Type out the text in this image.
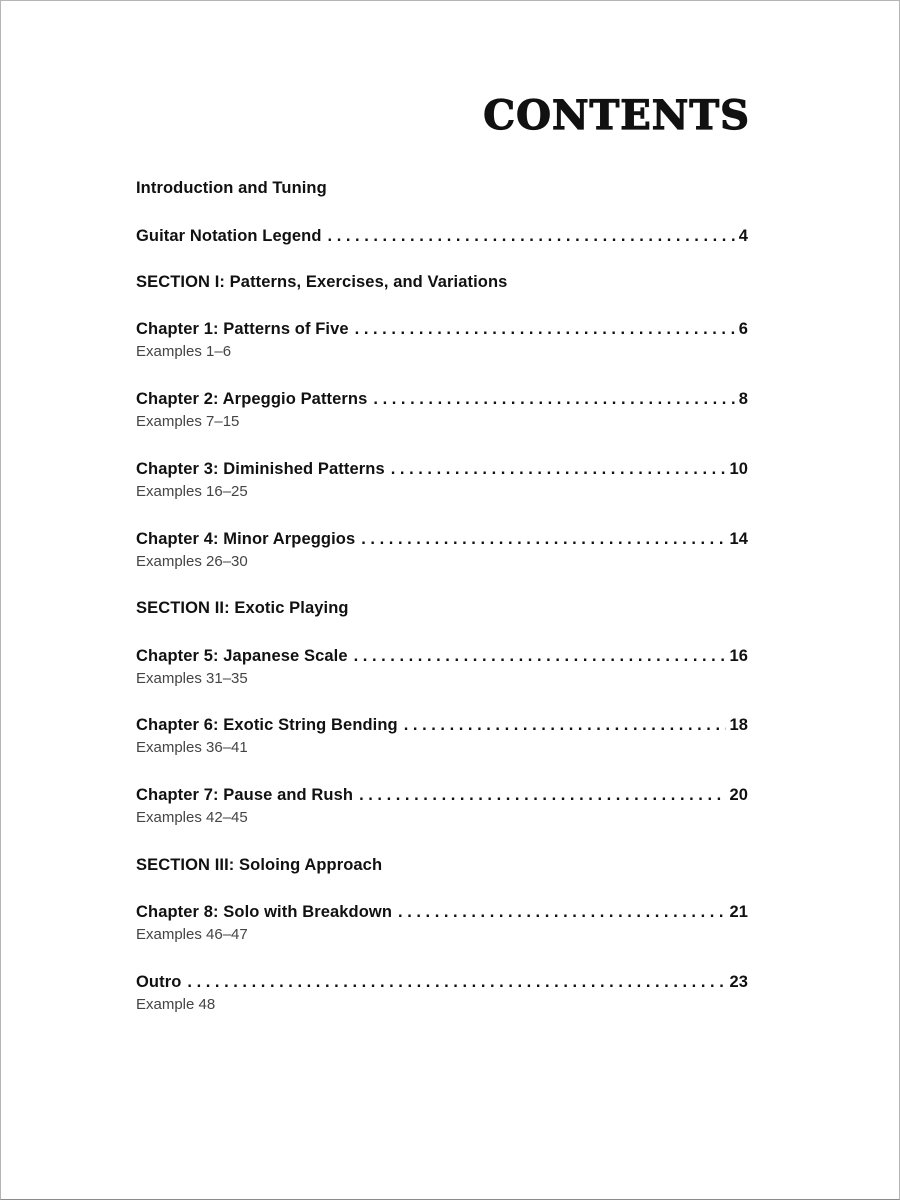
CONTENTS
Introduction and Tuning
Guitar Notation Legend . . .	4
SECTION I: Patterns, Exercises, and Variations
Chapter 1: Patterns of Five . . .	6
Examples 1–6
Chapter 2: Arpeggio Patterns . . .	8
Examples 7–15
Chapter 3: Diminished Patterns . . .	10
Examples 16–25
Chapter 4: Minor Arpeggios . . .	14
Examples 26–30
SECTION II: Exotic Playing
Chapter 5: Japanese Scale . . .	16
Examples 31–35
Chapter 6: Exotic String Bending . . .	18
Examples 36–41
Chapter 7: Pause and Rush . . .	20
Examples 42–45
SECTION III: Soloing Approach
Chapter 8: Solo with Breakdown . . .	21
Examples 46–47
Outro . . .	23
Example 48
